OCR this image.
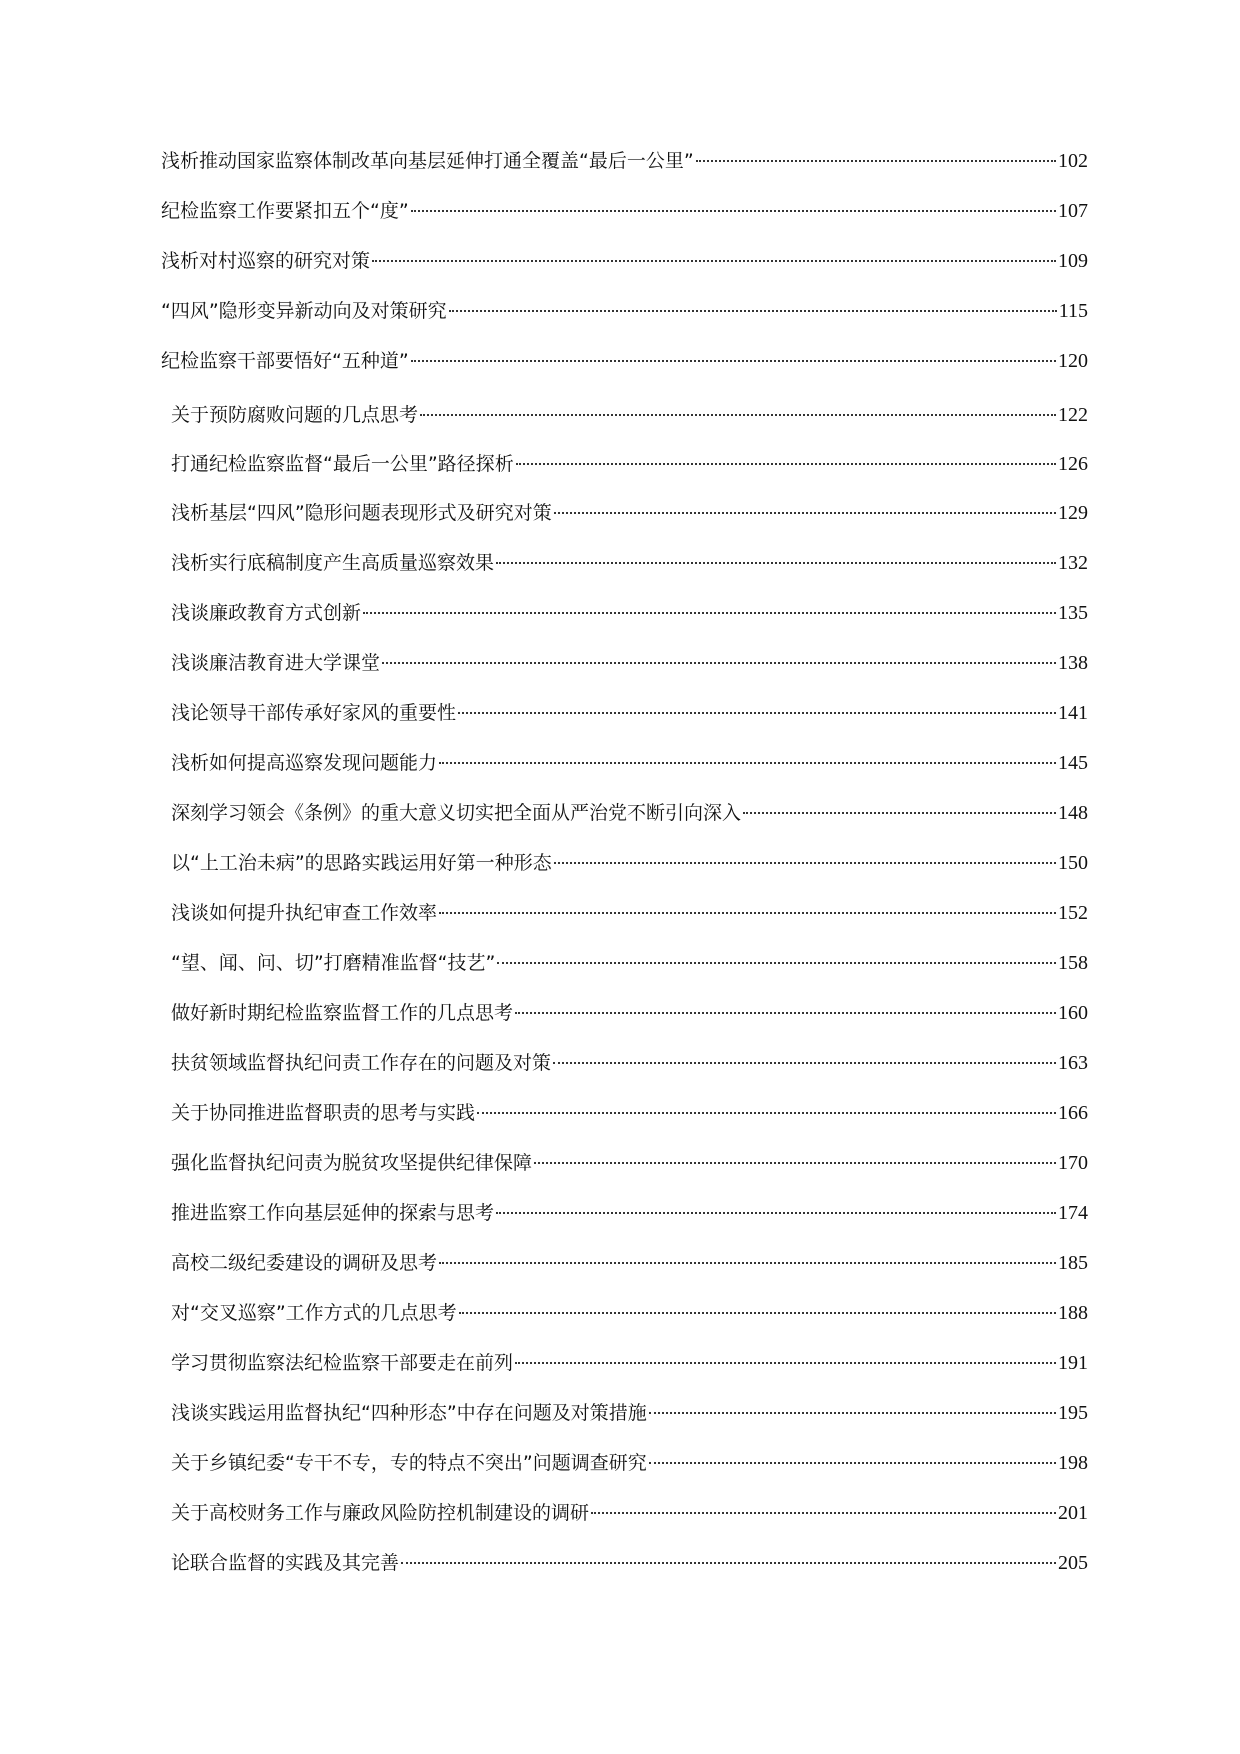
浅析推动国家监察体制改革向基层延伸打通全覆盖“最后一公里”	102
纪检监察工作要紧扣五个“度”	107
浅析对村巡察的研究对策	109
“四风”隐形变异新动向及对策研究	115
纪检监察干部要悟好“五种道”	120
关于预防腐败问题的几点思考	122
打通纪检监察监督“最后一公里”路径探析	126
浅析基层“四风”隐形问题表现形式及研究对策	129
浅析实行底稿制度产生高质量巡察效果	132
浅谈廉政教育方式创新	135
浅谈廉洁教育进大学课堂	138
浅论领导干部传承好家风的重要性	141
浅析如何提高巡察发现问题能力	145
深刻学习领会《条例》的重大意义切实把全面从严治党不断引向深入	148
以“上工治未病”的思路实践运用好第一种形态	150
浅谈如何提升执纪审查工作效率	152
“望、闻、问、切”打磨精准监督“技艺”	158
做好新时期纪检监察监督工作的几点思考	160
扶贫领域监督执纪问责工作存在的问题及对策	163
关于协同推进监督职责的思考与实践	166
强化监督执纪问责为脱贫攻坚提供纪律保障	170
推进监察工作向基层延伸的探索与思考	174
高校二级纪委建设的调研及思考	185
对“交叉巡察”工作方式的几点思考	188
学习贯彻监察法纪检监察干部要走在前列	191
浅谈实践运用监督执纪“四种形态”中存在问题及对策措施	195
关于乡镇纪委“专干不专，专的特点不突出”问题调查研究	198
关于高校财务工作与廉政风险防控机制建设的调研	201
论联合监督的实践及其完善	205
